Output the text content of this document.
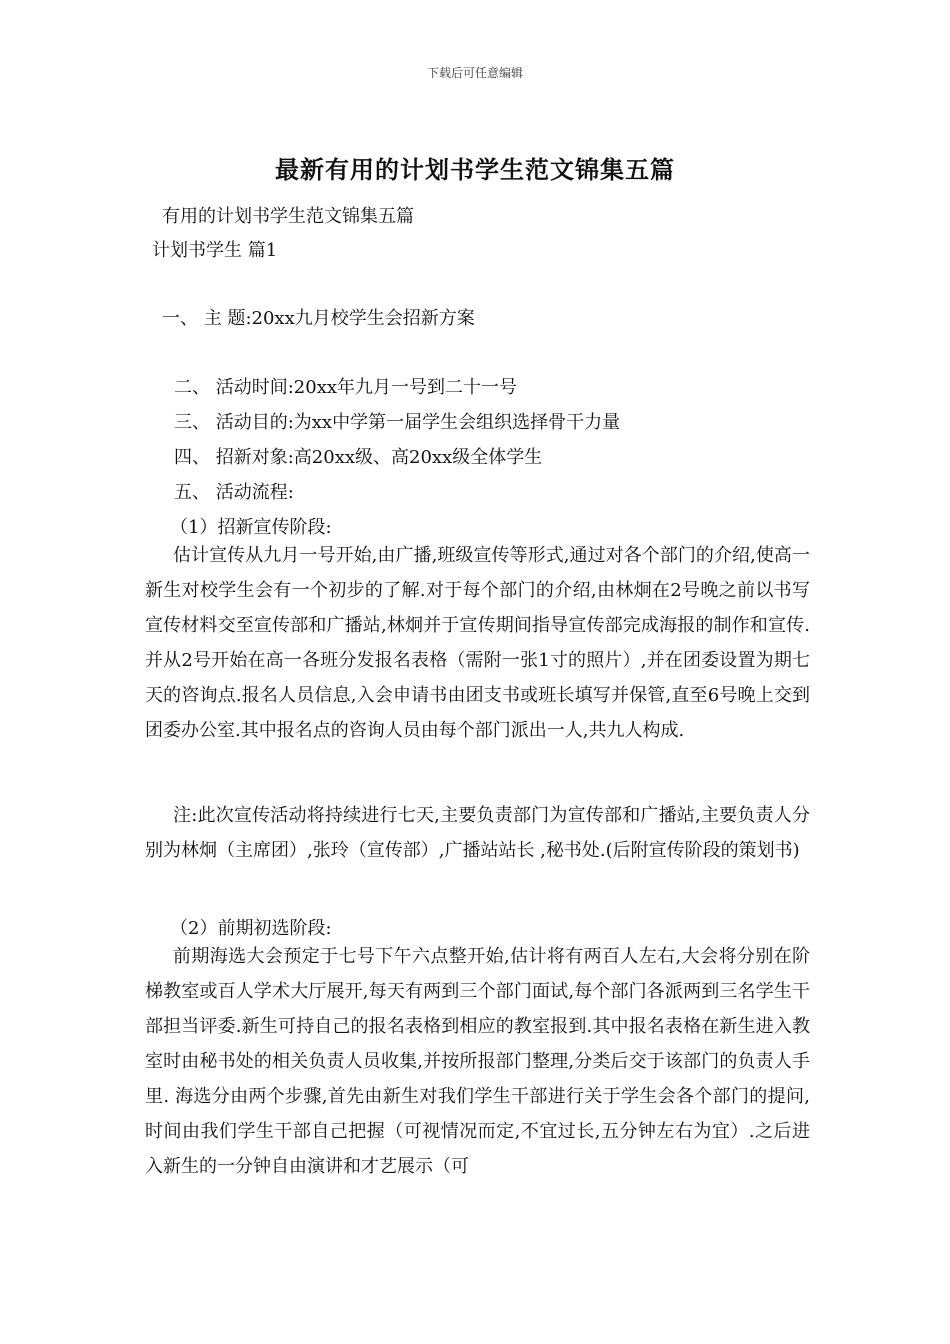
下载后可任意编辑
最新有用的计划书学生范文锦集五篇
有用的计划书学生范文锦集五篇
计划书学生 篇1
一、 主 题:20xx九月校学生会招新方案
二、 活动时间:20xx年九月一号到二十一号
三、 活动目的:为xx中学第一届学生会组织选择骨干力量
四、 招新对象:高20xx级、高20xx级全体学生
五、 活动流程:
（1）招新宣传阶段:
估计宣传从九月一号开始,由广播,班级宣传等形式,通过对各个部门的介绍,使高一新生对校学生会有一个初步的了解.对于每个部门的介绍,由林炯在2号晚之前以书写宣传材料交至宣传部和广播站,林炯并于宣传期间指导宣传部完成海报的制作和宣传.并从2号开始在高一各班分发报名表格（需附一张1寸的照片）,并在团委设置为期七天的咨询点.报名人员信息,入会申请书由团支书或班长填写并保管,直至6号晚上交到团委办公室.其中报名点的咨询人员由每个部门派出一人,共九人构成.
注:此次宣传活动将持续进行七天,主要负责部门为宣传部和广播站,主要负责人分别为林炯（主席团）,张玲（宣传部）,广播站站长 ,秘书处.(后附宣传阶段的策划书)
（2）前期初选阶段:
前期海选大会预定于七号下午六点整开始,估计将有两百人左右,大会将分别在阶梯教室或百人学术大厅展开,每天有两到三个部门面试,每个部门各派两到三名学生干部担当评委.新生可持自己的报名表格到相应的教室报到.其中报名表格在新生进入教室时由秘书处的相关负责人员收集,并按所报部门整理,分类后交于该部门的负责人手里. 海选分由两个步骤,首先由新生对我们学生干部进行关于学生会各个部门的提问,时间由我们学生干部自己把握（可视情况而定,不宜过长,五分钟左右为宜）.之后进入新生的一分钟自由演讲和才艺展示（可
